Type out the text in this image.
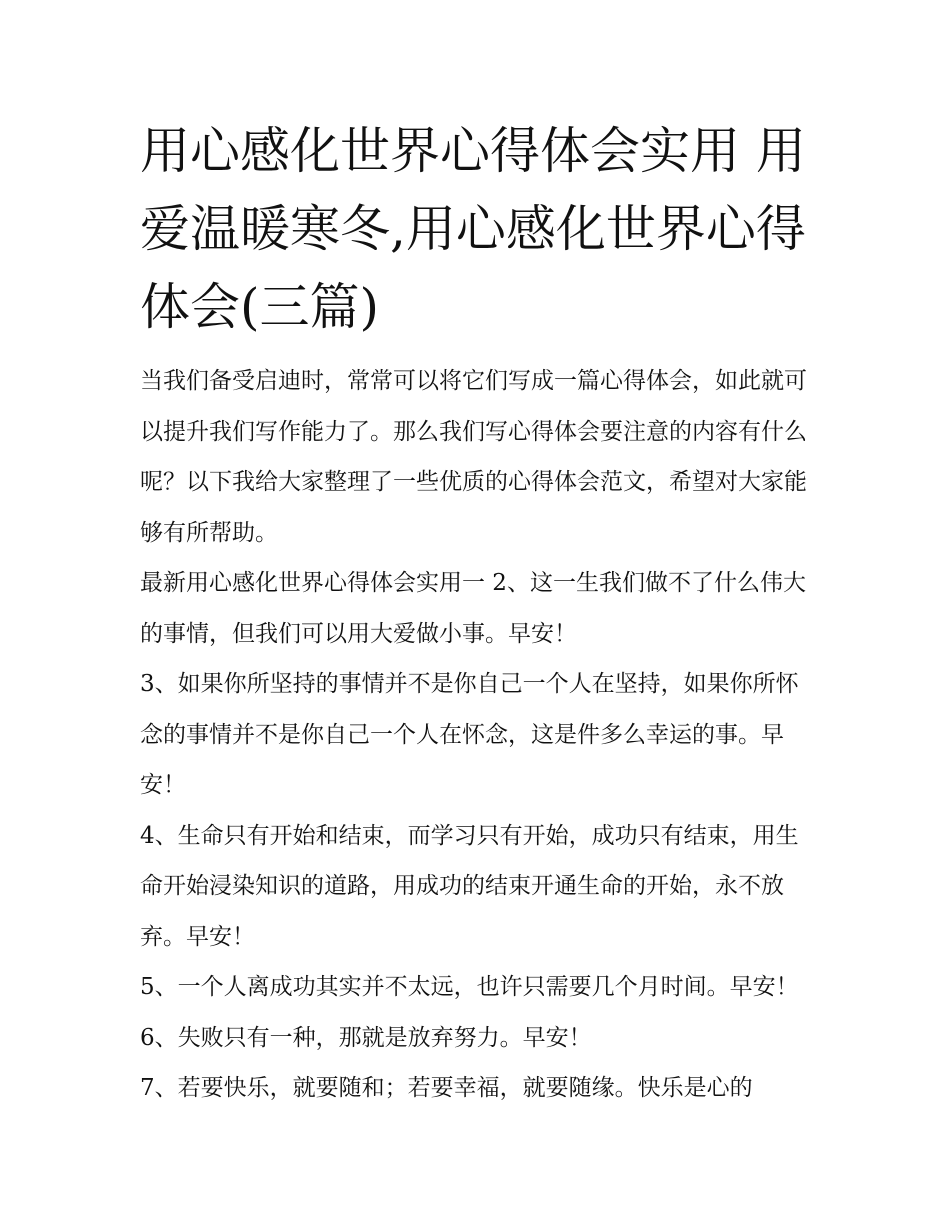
用心感化世界心得体会实用 用爱温暖寒冬,用心感化世界心得体会(三篇)

当我们备受启迪时，常常可以将它们写成一篇心得体会，如此就可以提升我们写作能力了。那么我们写心得体会要注意的内容有什么呢？以下我给大家整理了一些优质的心得体会范文，希望对大家能够有所帮助。

最新用心感化世界心得体会实用一 2、这一生我们做不了什么伟大的事情，但我们可以用大爱做小事。早安！

3、如果你所坚持的事情并不是你自己一个人在坚持，如果你所怀念的事情并不是你自己一个人在怀念，这是件多么幸运的事。早安！

4、生命只有开始和结束，而学习只有开始，成功只有结束，用生命开始浸染知识的道路，用成功的结束开通生命的开始，永不放弃。早安！

5、一个人离成功其实并不太远，也许只需要几个月时间。早安！ 6、失败只有一种，那就是放弃努力。早安！

7、若要快乐，就要随和；若要幸福，就要随缘。快乐是心的
